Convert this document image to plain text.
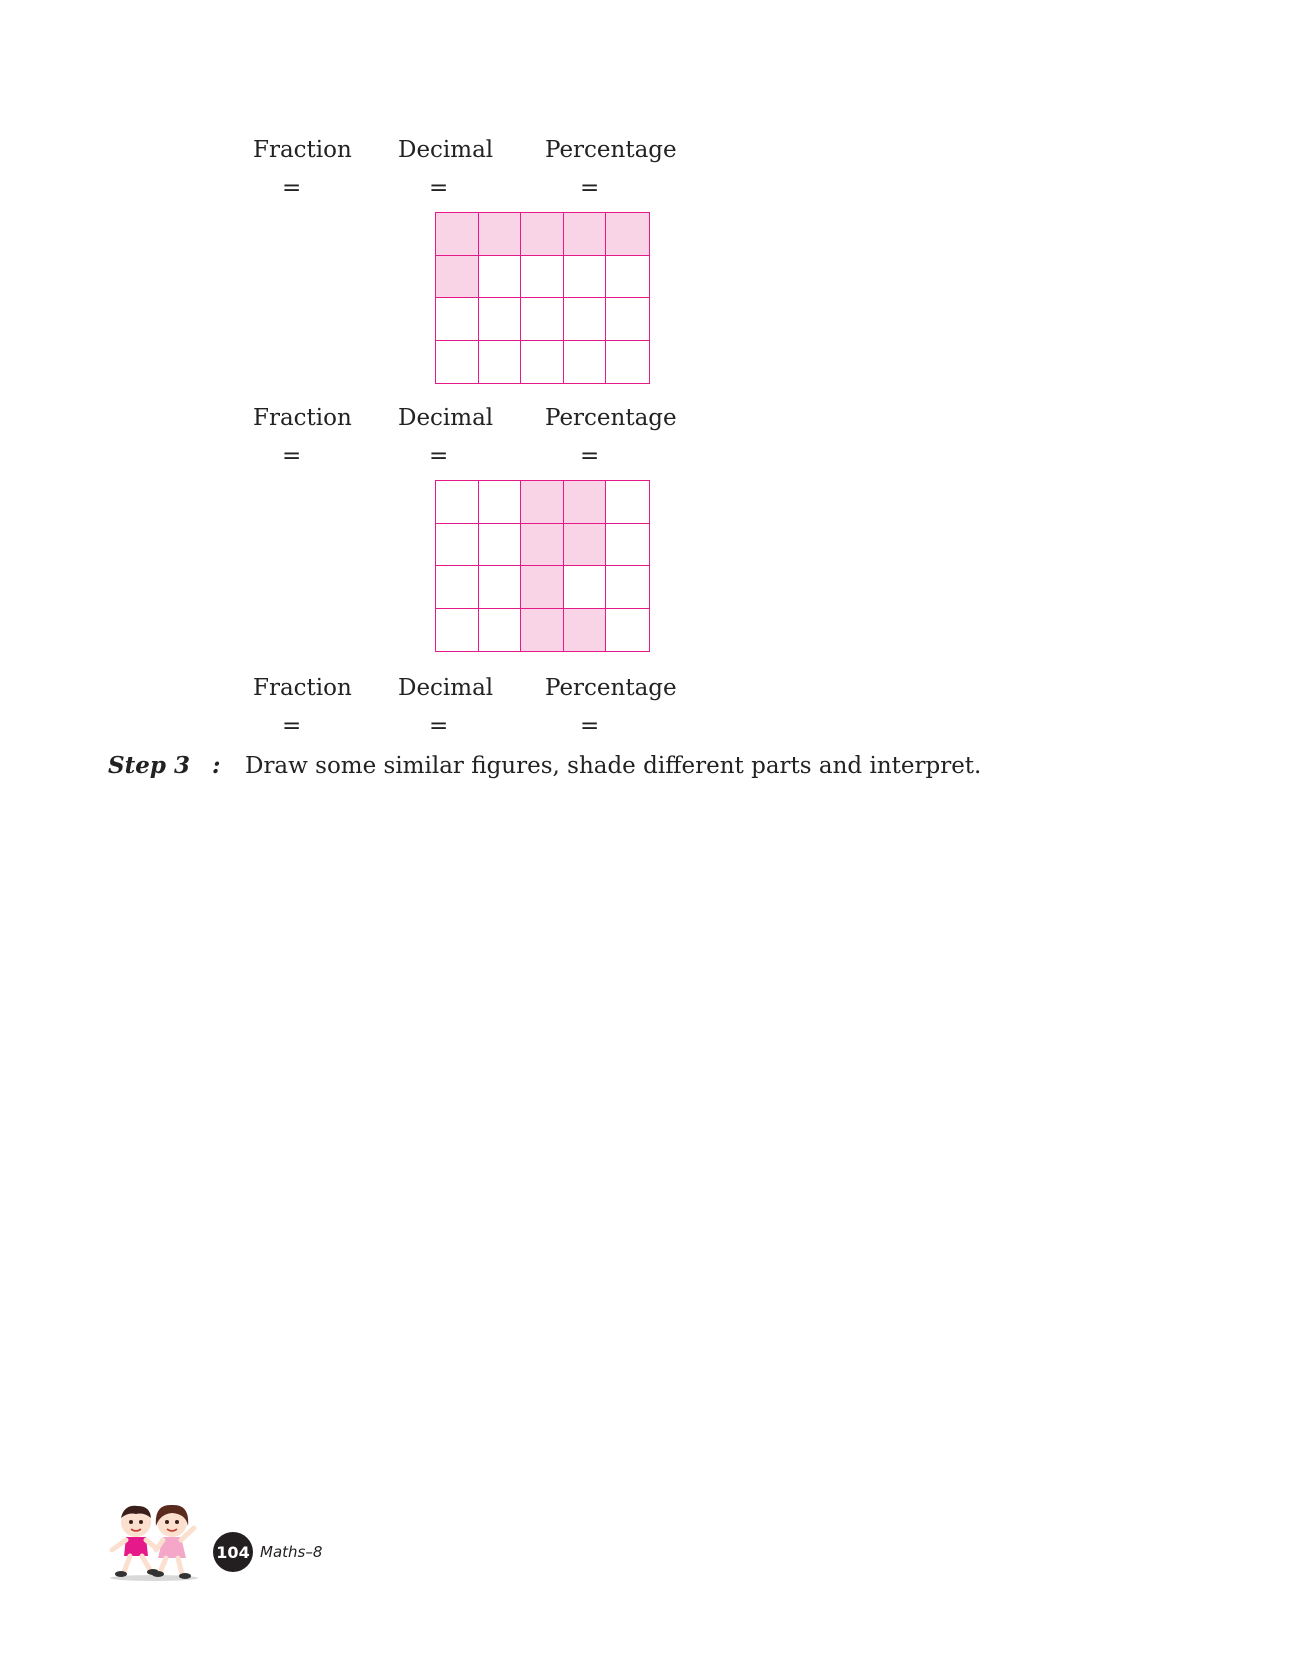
Fraction Decimal Percentage
=	=	=
Fraction Decimal Percentage
=	=	=
Fraction Decimal Percentage
=	=	=
Step 3 : Draw some similar figures, shade different parts and interpret.
104 Maths–8
